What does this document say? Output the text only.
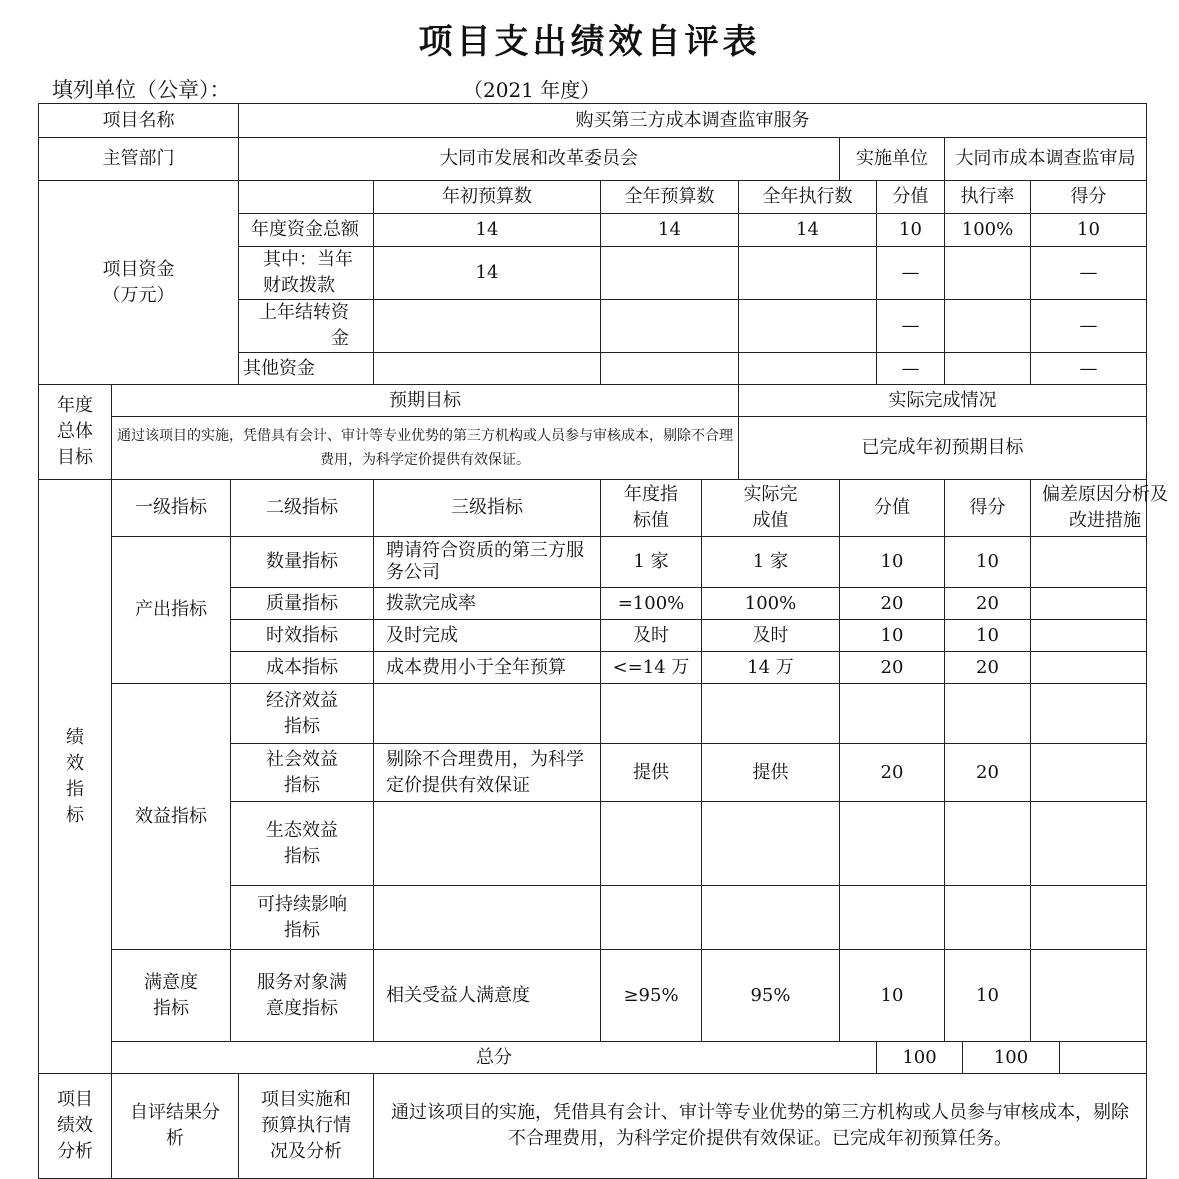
项目支出绩效自评表
填列单位（公章）：	（2021 年度）
项目名称			购买第三方成本调查监审服务										
主管部门			大同市发展和改革委员会					实施单位		大同市成本调查监审局			

项目资金
（万元）				年初预算数	全年预算数		全年执行数		分值	执行率		得分	
			年度资金总额	14	14		14		10	100%		10	
			其中：当年财政拨款	14					—			—	
			上年结转资金						—			—	
			其他资金						—			—	

年度总体目标	预期目标						实际完成情况						
	通过该项目的实施，凭借具有会计、审计等专业优势的第三方机构或人员参与审核成本，剔除不合理费用，为科学定价提供有效保证。						已完成年初预期目标						

绩效指标	一级指标	二级指标		三级指标	年度指标值	实际完成值		分值		得分		偏差原因分析及改进措施	

	产出指标	数量指标		聘请符合资质的第三方服务公司	1 家	1 家		10		10			
		质量指标		拨款完成率	=100%	100%		20		20			
		时效指标		及时完成	及时	及时		10		10			
		成本指标		成本费用小于全年预算	<=14 万	14 万		20		20			
	效益指标	经济效益指标											

		社会效益指标		剔除不合理费用，为科学定价提供有效保证	提供	提供		20		20			

		生态效益指标											

		可持续影响指标											

	满意度指标	服务对象满意度指标		相关受益人满意度	≥95%	95%		10		10			
	总分								100		100		

项目绩效分析	自评结果分析		项目实施和预算执行情况及分析	通过该项目的实施，凭借具有会计、审计等专业优势的第三方机构或人员参与审核成本，剔除不合理费用，为科学定价提供有效保证。已完成年初预算任务。									
